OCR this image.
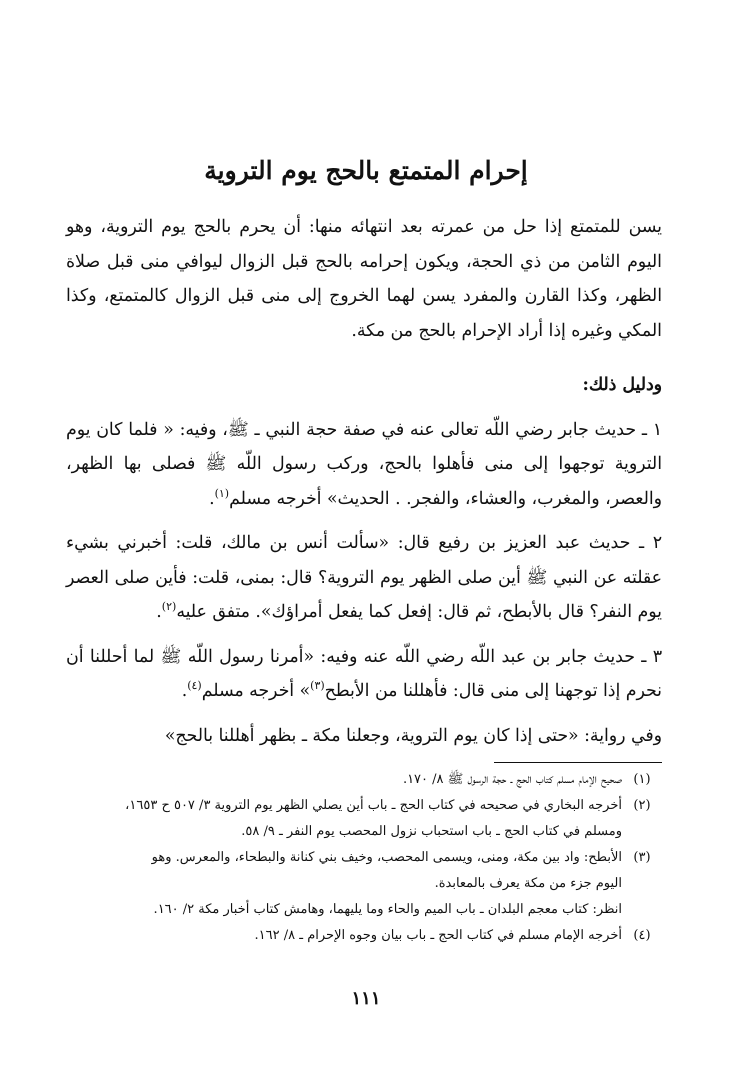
إحرام المتمتع بالحج يوم التروية

يسن للمتمتع إذا حل من عمرته بعد انتهائه منها: أن يحرم بالحج يوم التروية، وهو اليوم الثامن من ذي الحجة، ويكون إحرامه بالحج قبل الزوال ليوافي منى قبل صلاة الظهر، وكذا القارن والمفرد يسن لهما الخروج إلى منى قبل الزوال كالمتمتع، وكذا المكي وغيره إذا أراد الإحرام بالحج من مكة.

ودليل ذلك:

١ ـ حديث جابر رضي اللّه تعالى عنه في صفة حجة النبي ـ ﷺ، وفيه: « فلما كان يوم التروية توجهوا إلى منى فأهلوا بالحج، وركب رسول اللّه ﷺ فصلى بها الظهر، والعصر، والمغرب، والعشاء، والفجر. . الحديث» أخرجه مسلم$^{(١)}$.

٢ ـ حديث عبد العزيز بن رفيع قال: «سألت أنس بن مالك، قلت: أخبرني بشيء عقلته عن النبي ﷺ أين صلى الظهر يوم التروية؟ قال: بمنى، قلت: فأين صلى العصر يوم النفر؟ قال بالأبطح، ثم قال: إفعل كما يفعل أمراؤك». متفق عليه$^{(٢)}$.

٣ ـ حديث جابر بن عبد اللّه رضي اللّه عنه وفيه: «أمرنا رسول اللّه ﷺ لما أحللنا أن نحرم إذا توجهنا إلى منى قال: فأهللنا من الأبطح$^{(٣)}$» أخرجه مسلم$^{(٤)}$.

وفي رواية: «حتى إذا كان يوم التروية، وجعلنا مكة ـ بظهر أهللنا بالحج»

(١)
صحيح الإمام مسلم كتاب الحج ـ حجة الرسول ﷺ ٨/ ١٧٠.
(٢)
أخرجه البخاري في صحيحه في كتاب الحج ـ باب أين يصلي الظهر يوم التروية ٣/ ٥٠٧ ح ١٦٥٣،
ومسلم في كتاب الحج ـ باب استحباب نزول المحصب يوم النفر ـ ٩/ ٥٨.
(٣)
الأبطح: واد بين مكة، ومنى، ويسمى المحصب، وخيف بني كنانة والبطحاء، والمعرس. وهو
اليوم جزء من مكة يعرف بالمعابدة.
انظر: كتاب معجم البلدان ـ باب الميم والحاء وما يليهما، وهامش كتاب أخبار مكة ٢/ ١٦٠.
(٤)
أخرجه الإمام مسلم في كتاب الحج ـ باب بيان وجوه الإحرام ـ ٨/ ١٦٢.
١١١
